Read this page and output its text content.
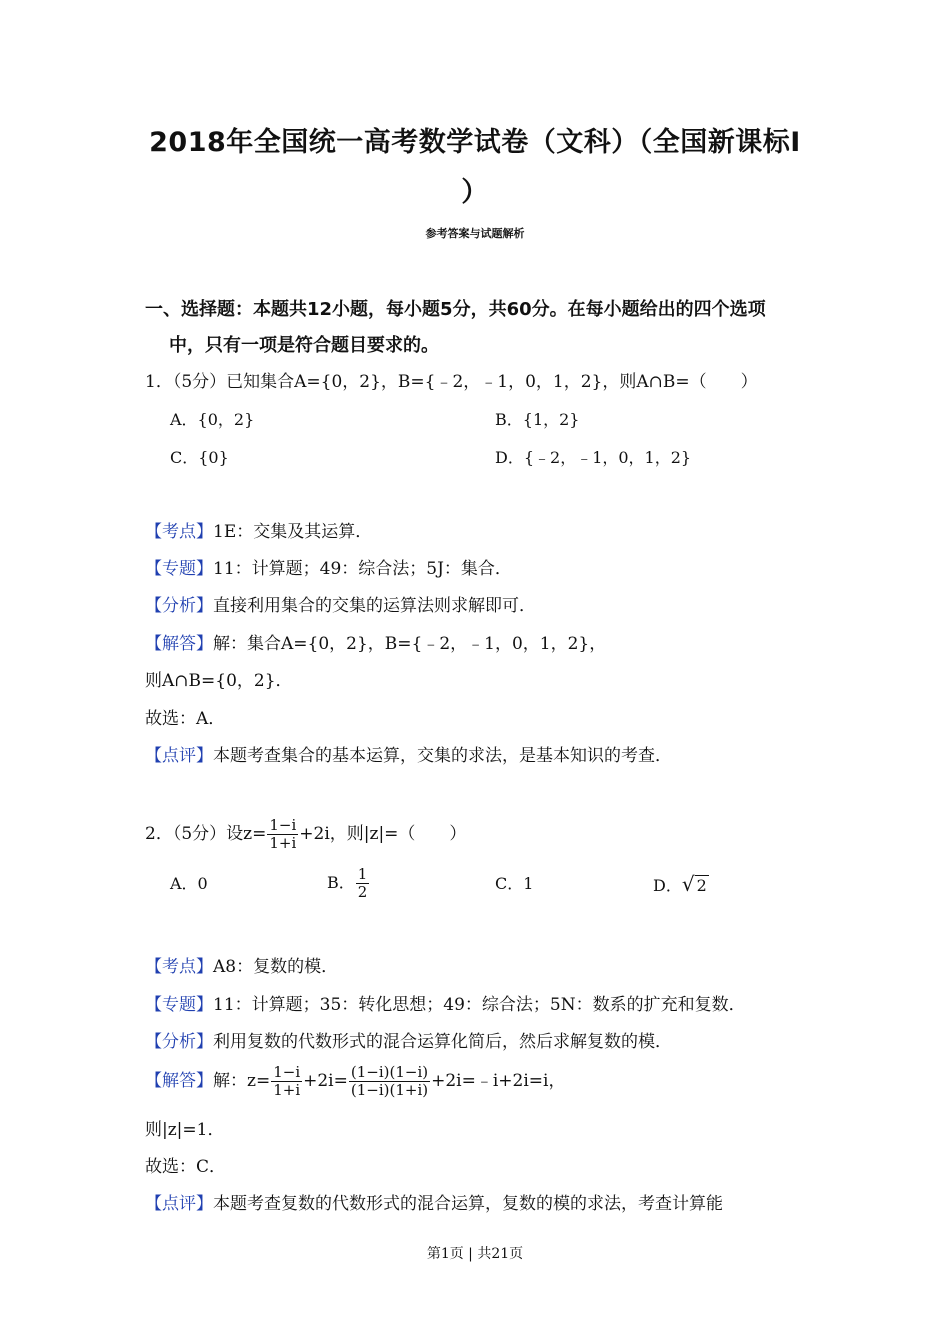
2018年全国统一高考数学试卷（文科）（全国新课标Ⅰ
）
参考答案与试题解析
一、选择题：本题共12小题，每小题5分，共60分。在每小题给出的四个选项
中，只有一项是符合题目要求的。
1．（5分）已知集合A={0，2}，B={﹣2，﹣1，0，1，2}，则A∩B=（　　）
A．{0，2}	B．{1，2}
C．{0}	D．{﹣2，﹣1，0，1，2}
【考点】1E：交集及其运算．
【专题】11：计算题；49：综合法；5J：集合．
【分析】直接利用集合的交集的运算法则求解即可．
【解答】解：集合A={0，2}，B={﹣2，﹣1，0，1，2}，
则A∩B={0，2}．
故选：A．
【点评】本题考查集合的基本运算，交集的求法，是基本知识的考查．
2．（5分）设$z= \frac{1-i}{1+i} +2i$，则|z|=（　　）
A．0	B． $\frac{1}{2}$	C．1	D．√ 2
【考点】A8：复数的模．
【专题】11：计算题；35：转化思想；49：综合法；5N：数系的扩充和复数．
【分析】利用复数的代数形式的混合运算化简后，然后求解复数的模．
【解答】解：$z= \frac{1-i}{1+i} +2i= \frac{(1-i)(1-i)}{(1-i)(1+i)}$ +2i=﹣i+2i=i，
则|z|=1．
故选：C．
【点评】本题考查复数的代数形式的混合运算，复数的模的求法，考查计算能
第1页 | 共21页
